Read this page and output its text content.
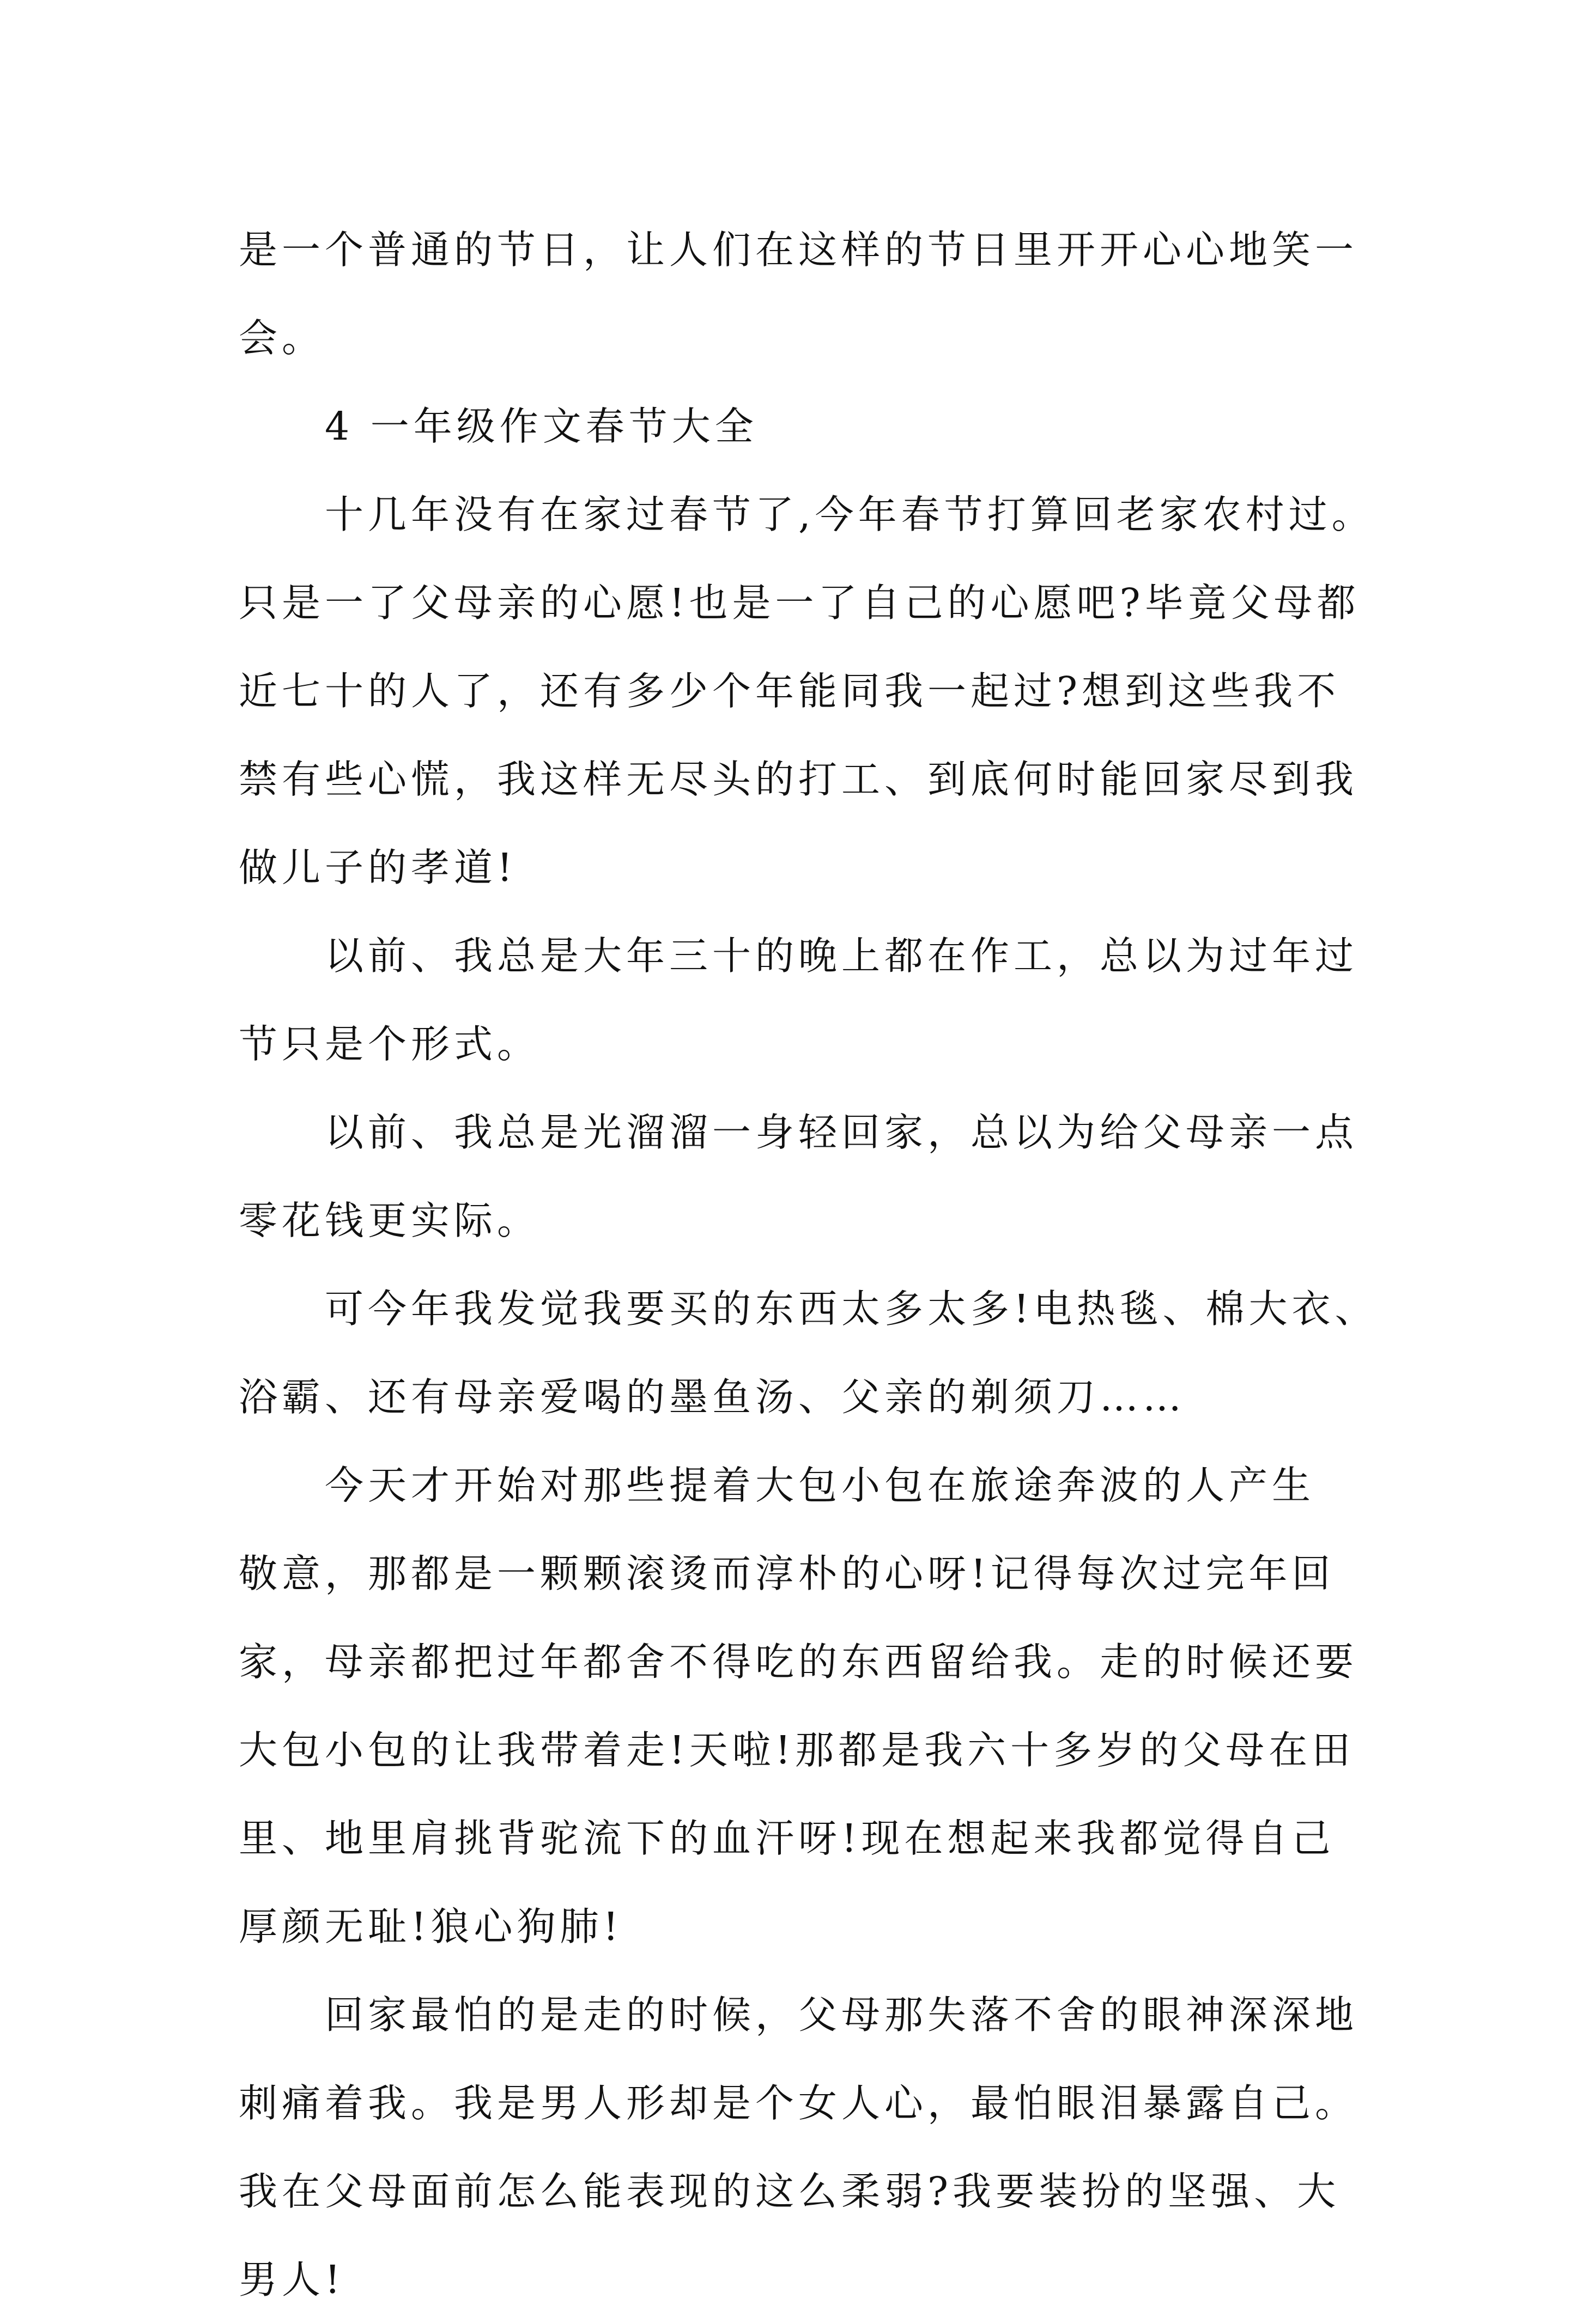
是一个普通的节日，让人们在这样的节日里开开心心地笑一
会。
4 一年级作文春节大全
十几年没有在家过春节了,今年春节打算回老家农村过。
只是一了父母亲的心愿!也是一了自己的心愿吧?毕竟父母都
近七十的人了，还有多少个年能同我一起过?想到这些我不
禁有些心慌，我这样无尽头的打工、到底何时能回家尽到我
做儿子的孝道!
以前、我总是大年三十的晚上都在作工，总以为过年过
节只是个形式。
以前、我总是光溜溜一身轻回家，总以为给父母亲一点
零花钱更实际。
可今年我发觉我要买的东西太多太多!电热毯、棉大衣、
浴霸、还有母亲爱喝的墨鱼汤、父亲的剃须刀……
今天才开始对那些提着大包小包在旅途奔波的人产生
敬意，那都是一颗颗滚烫而淳朴的心呀!记得每次过完年回
家，母亲都把过年都舍不得吃的东西留给我。走的时候还要
大包小包的让我带着走!天啦!那都是我六十多岁的父母在田
里、地里肩挑背驼流下的血汗呀!现在想起来我都觉得自己
厚颜无耻!狼心狗肺!
回家最怕的是走的时候，父母那失落不舍的眼神深深地
刺痛着我。我是男人形却是个女人心，最怕眼泪暴露自己。
我在父母面前怎么能表现的这么柔弱?我要装扮的坚强、大
男人!
